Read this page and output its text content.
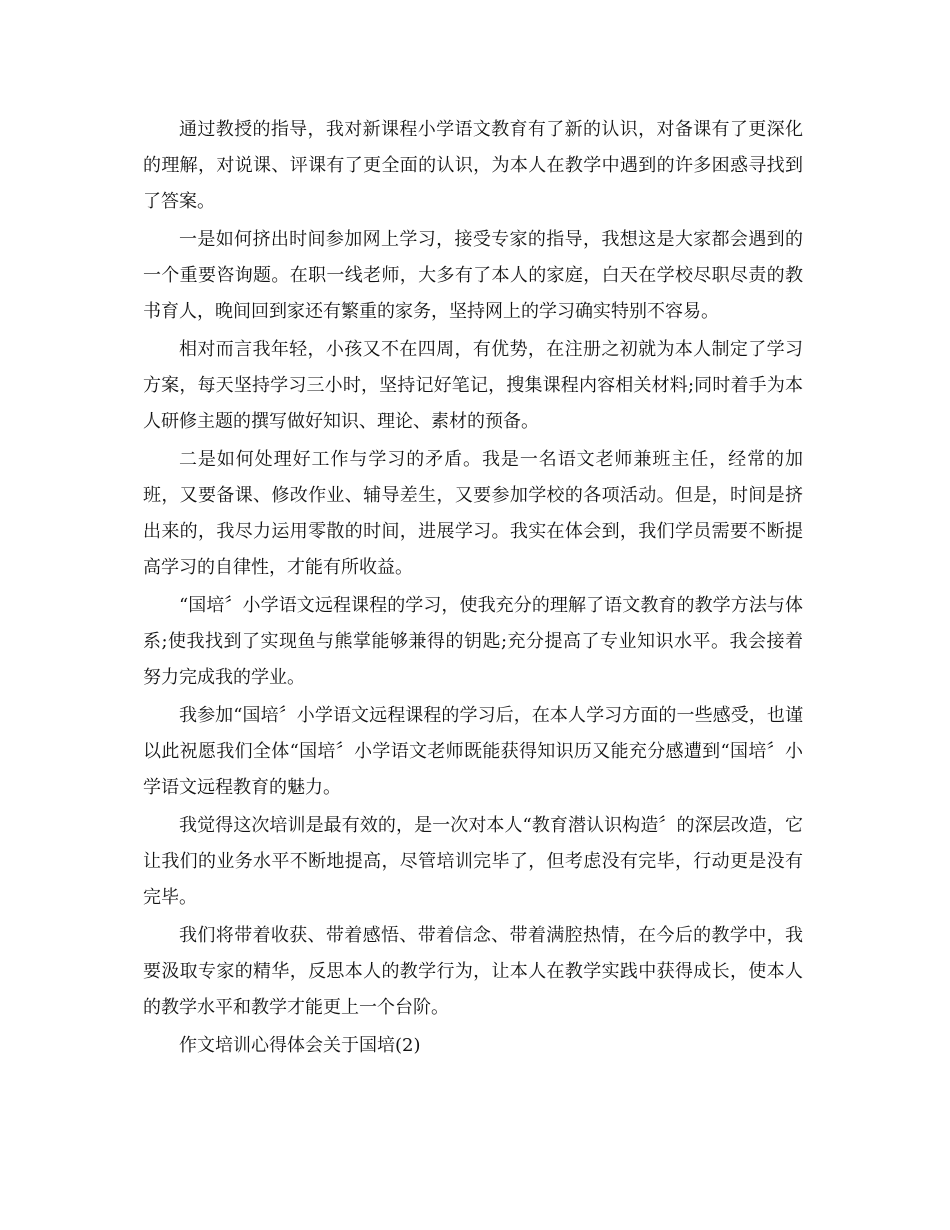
通过教授的指导，我对新课程小学语文教育有了新的认识，对备课有了更深化的理解，对说课、评课有了更全面的认识，为本人在教学中遇到的许多困惑寻找到了答案。

一是如何挤出时间参加网上学习，接受专家的指导，我想这是大家都会遇到的一个重要咨询题。在职一线老师，大多有了本人的家庭，白天在学校尽职尽责的教书育人，晚间回到家还有繁重的家务，坚持网上的学习确实特别不容易。

相对而言我年轻，小孩又不在四周，有优势，在注册之初就为本人制定了学习方案，每天坚持学习三小时，坚持记好笔记，搜集课程内容相关材料;同时着手为本人研修主题的撰写做好知识、理论、素材的预备。

二是如何处理好工作与学习的矛盾。我是一名语文老师兼班主任，经常的加班，又要备课、修改作业、辅导差生，又要参加学校的各项活动。但是，时间是挤出来的，我尽力运用零散的时间，进展学习。我实在体会到，我们学员需要不断提高学习的自律性，才能有所收益。

“国培〞小学语文远程课程的学习，使我充分的理解了语文教育的教学方法与体系;使我找到了实现鱼与熊掌能够兼得的钥匙;充分提高了专业知识水平。我会接着努力完成我的学业。

我参加“国培〞小学语文远程课程的学习后，在本人学习方面的一些感受，也谨以此祝愿我们全体“国培〞小学语文老师既能获得知识历又能充分感遭到“国培〞小学语文远程教育的魅力。

我觉得这次培训是最有效的，是一次对本人“教育潜认识构造〞的深层改造，它让我们的业务水平不断地提高，尽管培训完毕了，但考虑没有完毕，行动更是没有完毕。

我们将带着收获、带着感悟、带着信念、带着满腔热情，在今后的教学中，我要汲取专家的精华，反思本人的教学行为，让本人在教学实践中获得成长，使本人的教学水平和教学才能更上一个台阶。

作文培训心得体会关于国培(2)
